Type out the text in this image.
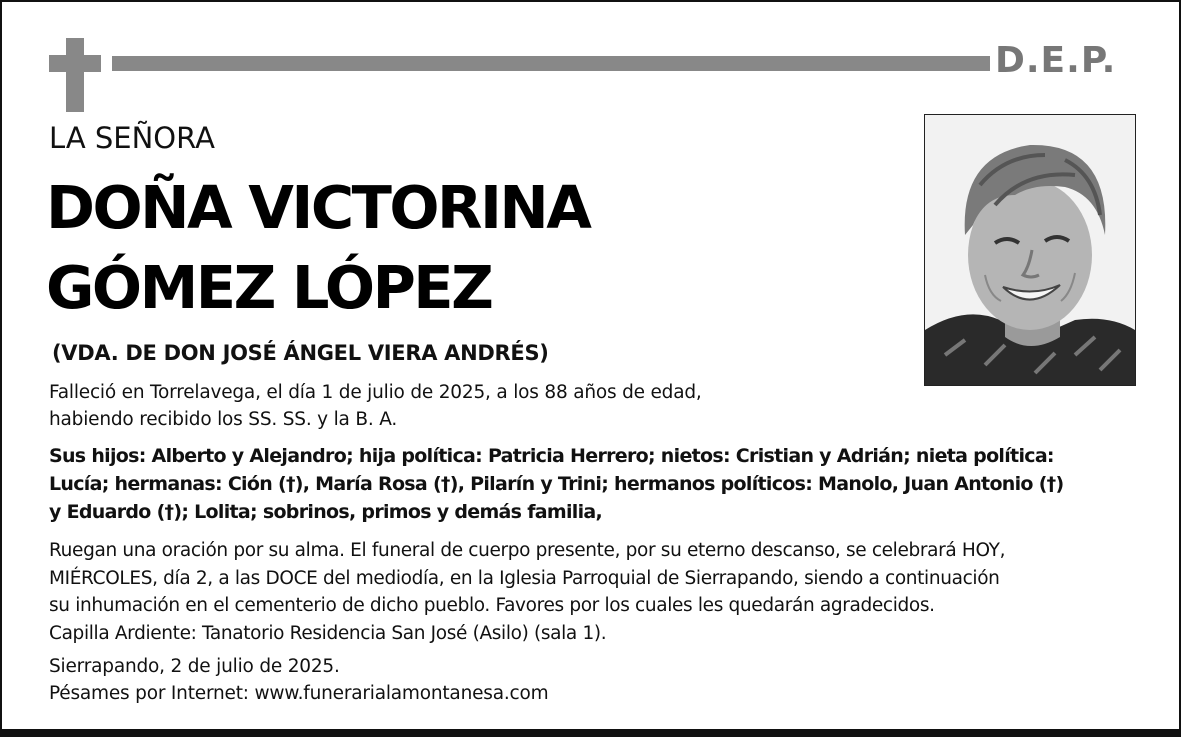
D.E.P.
LA SEÑORA
DOÑA VICTORINA
GÓMEZ LÓPEZ
(VDA. DE DON JOSÉ ÁNGEL VIERA ANDRÉS)
Falleció en Torrelavega, el día 1 de julio de 2025, a los 88 años de edad,
habiendo recibido los SS. SS. y la B. A.
Sus hijos: Alberto y Alejandro; hija política: Patricia Herrero; nietos: Cristian y Adrián; nieta política:
Lucía; hermanas: Ción (†), María Rosa (†), Pilarín y Trini; hermanos políticos: Manolo, Juan Antonio (†)
y Eduardo (†); Lolita; sobrinos, primos y demás familia,
Ruegan una oración por su alma. El funeral de cuerpo presente, por su eterno descanso, se celebrará HOY,
MIÉRCOLES, día 2, a las DOCE del mediodía, en la Iglesia Parroquial de Sierrapando, siendo a continuación
su inhumación en el cementerio de dicho pueblo. Favores por los cuales les quedarán agradecidos.
Capilla Ardiente: Tanatorio Residencia San José (Asilo) (sala 1).
Sierrapando, 2 de julio de 2025.
Pésames por Internet: www.funerarialamontanesa.com
